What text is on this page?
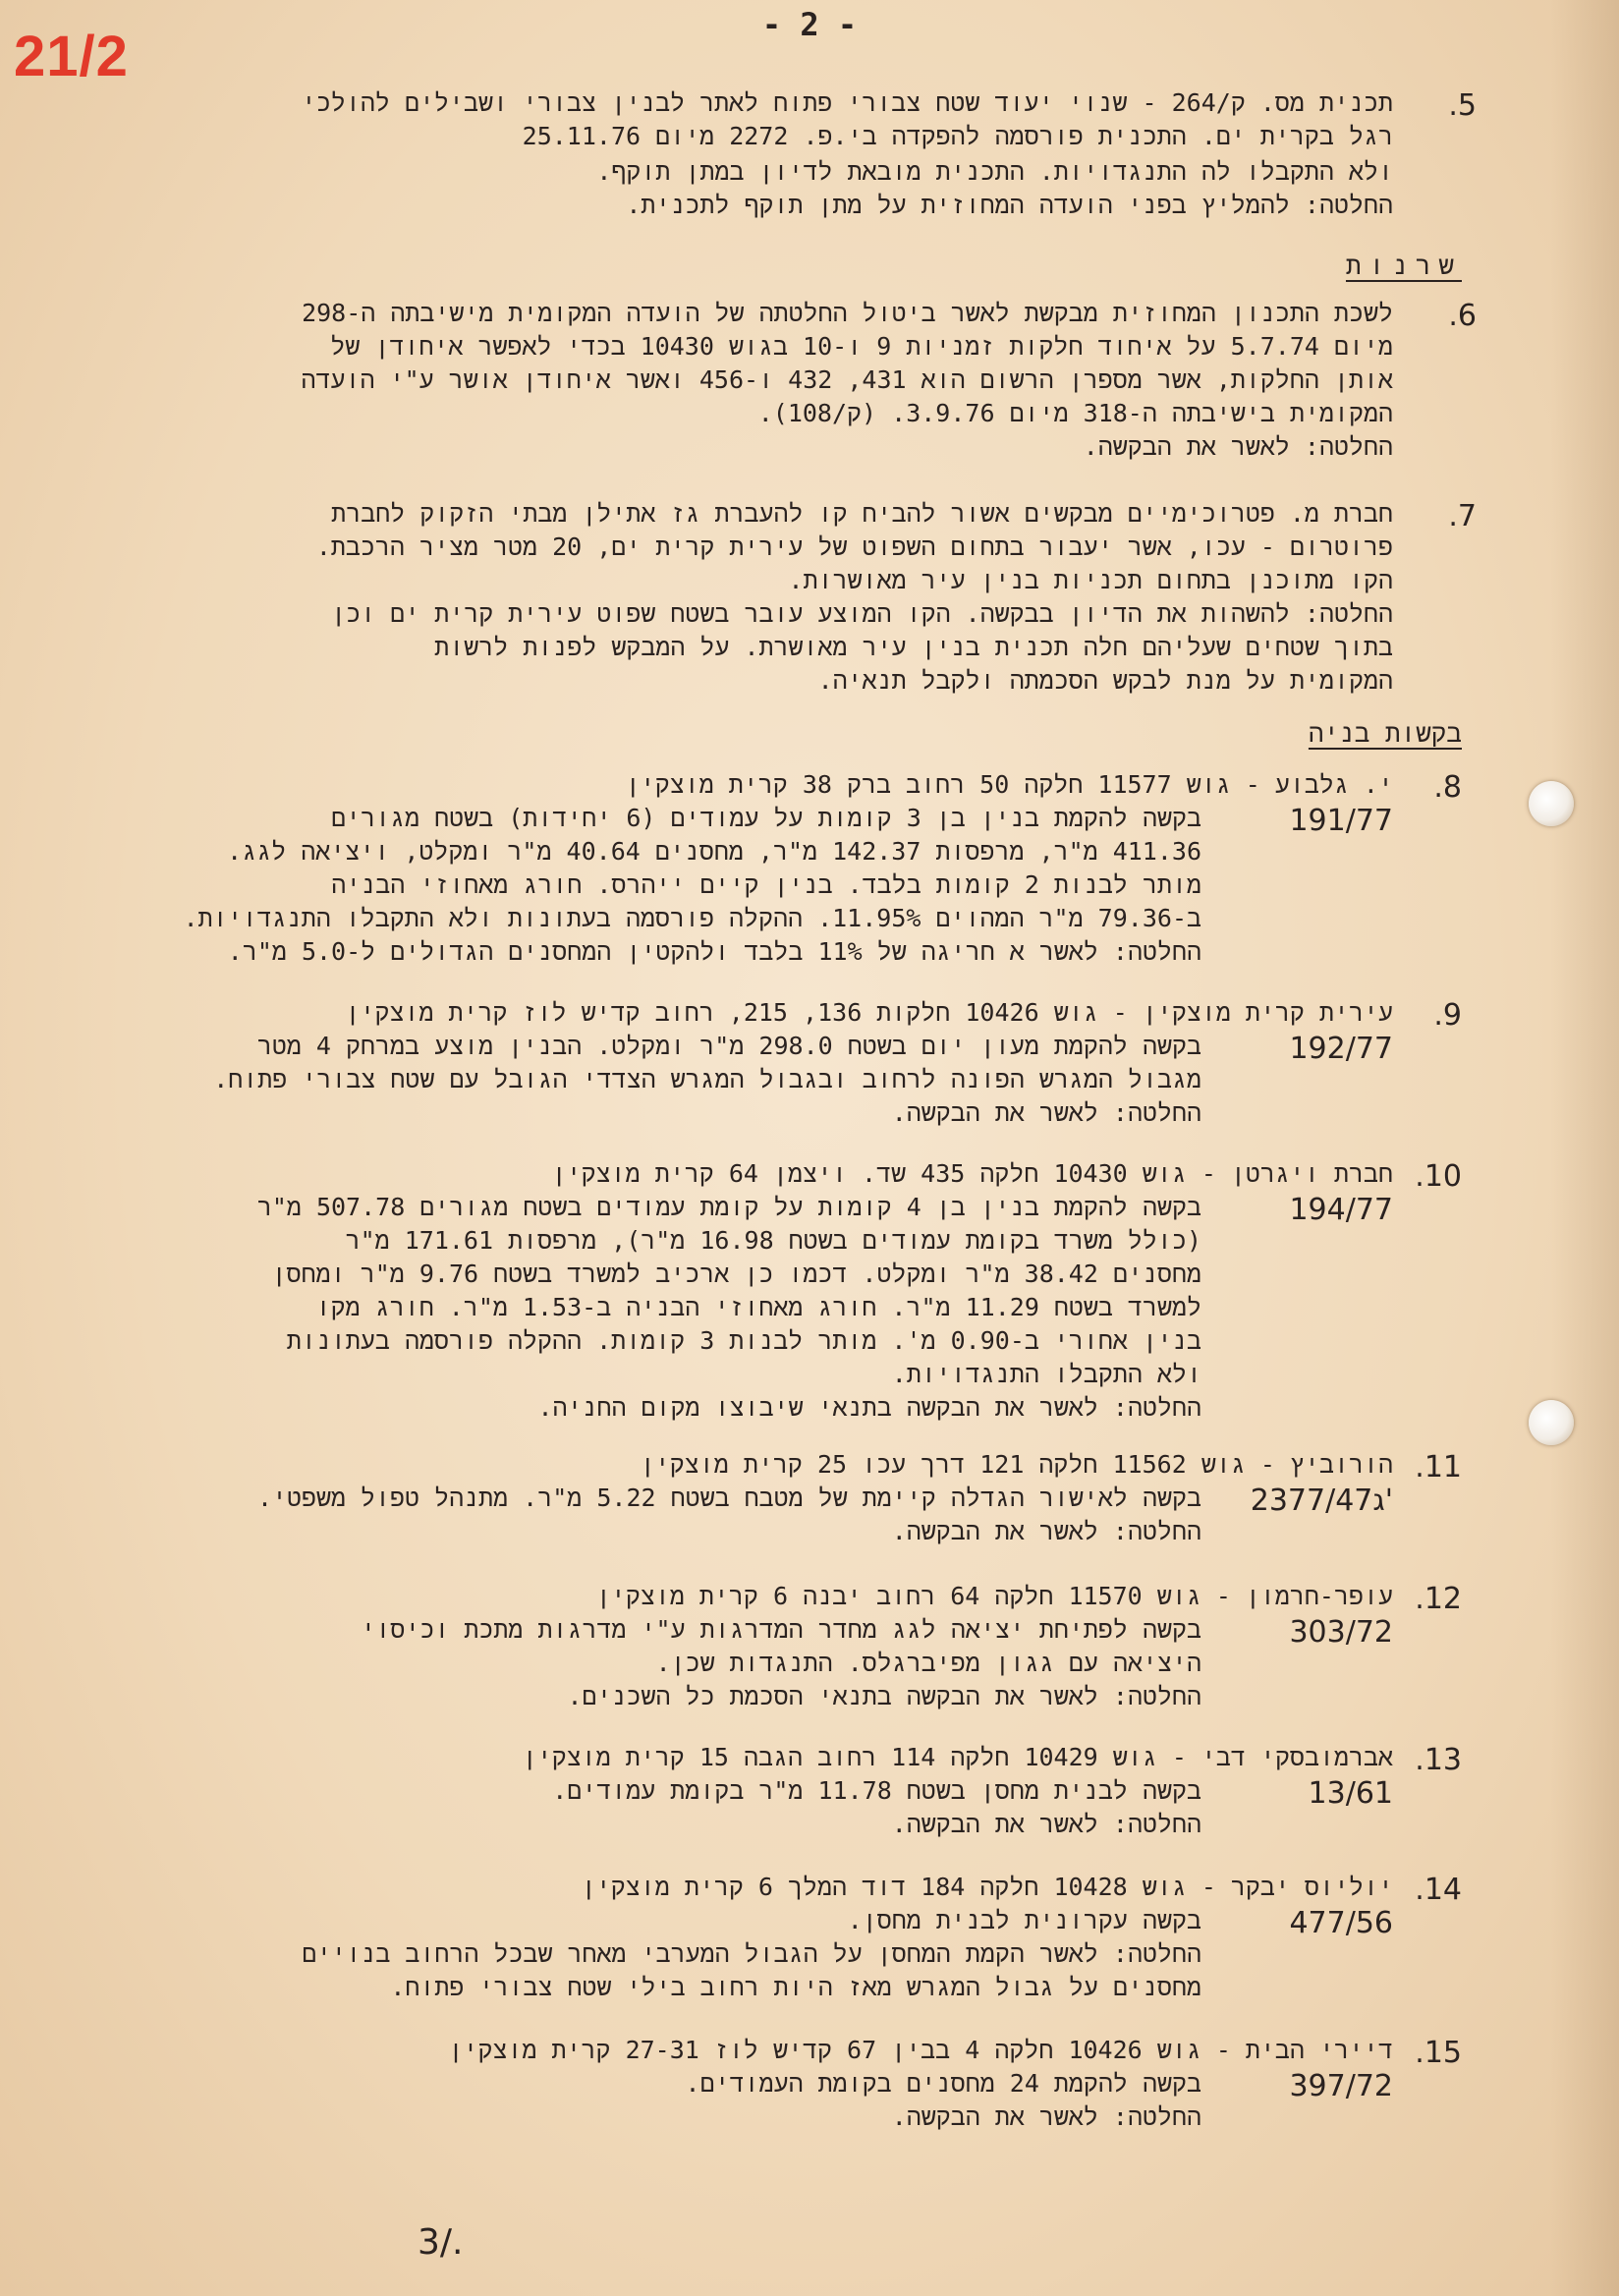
21/2	- 2 -
.5
תכנית מס. ק/264 - שנוי יעוד שטח צבורי פתוח לאתר לבנין צבורי ושבילים להולכי
רגל בקרית ים. התכנית פורסמה להפקדה בי.פ. 2272 מיום 25.11.76
ולא התקבלו לה התנגדויות. התכנית מובאת לדיון במתן תוקף.
החלטה: להמליץ בפני הועדה המחוזית על מתן תוקף לתכנית.
שרנות
.6
לשכת התכנון המחוזית מבקשת לאשר ביטול החלטתה של הועדה המקומית מישיבתה ה-298
מיום 5.7.74 על איחוד חלקות זמניות 9 ו-10 בגוש 10430 בכדי לאפשר איחודן של
אותן החלקות, אשר מספרן הרשום הוא 431, 432 ו-456 ואשר איחודן אושר ע"י הועדה
המקומית בישיבתה ה-318 מיום 3.9.76. (ק/108).
החלטה: לאשר את הבקשה.
.7
חברת מ. פטרוכימיים מבקשים אשור להביח קו להעברת גז אתילן מבתי הזקוק לחברת
פרוטרום - עכו, אשר יעבור בתחום השפוט של עירית קרית ים, 20 מטר מציר הרכבת.
הקו מתוכנן בתחום תכניות בנין עיר מאושרות.
החלטה: להשהות את הדיון בבקשה. הקו המוצע עובר בשטח שפוט עירית קרית ים וכן
בתוך שטחים שעליהם חלה תכנית בנין עיר מאושרת. על המבקש לפנות לרשות
המקומית על מנת לבקש הסכמתה ולקבל תנאיה.
בקשות בניה
.8
191/77
י. גלבוע - גוש 11577 חלקה 50 רחוב ברק 38 קרית מוצקין
בקשה להקמת בנין בן 3 קומות על עמודים (6 יחידות) בשטח מגורים
411.36 מ"ר, מרפסות 142.37 מ"ר, מחסנים 40.64 מ"ר ומקלט, ויציאה לגג.
מותר לבנות 2 קומות בלבד. בנין קיים ייהרס. חורג מאחוזי הבניה
ב-79.36 מ"ר המהוים 11.95%. ההקלה פורסמה בעתונות ולא התקבלו התנגדויות.
החלטה: לאשר א חריגה של 11% בלבד ולהקטין המחסנים הגדולים ל-5.0 מ"ר.
.9
192/77
עירית קרית מוצקין - גוש 10426 חלקות 136, 215, רחוב קדיש לוז קרית מוצקין
בקשה להקמת מעון יום בשטח 298.0 מ"ר ומקלט. הבנין מוצע במרחק 4 מטר
מגבול המגרש הפונה לרחוב ובגבול המגרש הצדדי הגובל עם שטח צבורי פתוח.
החלטה: לאשר את הבקשה.
.10
194/77
חברת ויגרטן - גוש 10430 חלקה 435 שד. ויצמן 64 קרית מוצקין
בקשה להקמת בנין בן 4 קומות על קומת עמודים בשטח מגורים 507.78 מ"ר
(כולל משרד בקומת עמודים בשטח 16.98 מ"ר), מרפסות 171.61 מ"ר
מחסנים 38.42 מ"ר ומקלט. דכמו כן ארכיב למשרד בשטח 9.76 מ"ר ומחסן
למשרד בשטח 11.29 מ"ר. חורג מאחוזי הבניה ב-1.53 מ"ר. חורג מקו
בנין אחורי ב-0.90 מ'. מותר לבנות 3 קומות. ההקלה פורסמה בעתונות
ולא התקבלו התנגדויות.
החלטה: לאשר את הבקשה בתנאי שיבוצו מקום החניה.
.11
2377/47ג'
הורוביץ - גוש 11562 חלקה 121 דרך עכו 25 קרית מוצקין
בקשה לאישור הגדלה קיימת של מטבח בשטח 5.22 מ"ר. מתנהל טפול משפטי.
החלטה: לאשר את הבקשה.
.12
303/72
עופר-חרמון - גוש 11570 חלקה 64 רחוב יבנה 6 קרית מוצקין
בקשה לפתיחת יציאה לגג מחדר המדרגות ע"י מדרגות מתכת וכיסוי
היציאה עם גגון מפיברגלס. התנגדות שכן.
החלטה: לאשר את הבקשה בתנאי הסכמת כל השכנים.
.13
13/61
אברמובסקי דבי - גוש 10429 חלקה 114 רחוב הגבה 15 קרית מוצקין
בקשה לבנית מחסן בשטח 11.78 מ"ר בקומת עמודים.
החלטה: לאשר את הבקשה.
.14
477/56
יוליוס יבקר - גוש 10428 חלקה 184 דוד המלך 6 קרית מוצקין
בקשה עקרונית לבנית מחסן.
החלטה: לאשר הקמת המחסן על הגבול המערבי מאחר שבכל הרחוב בנויים
מחסנים על גבול המגרש מאז היות רחוב בילי שטח צבורי פתוח.
.15
397/72
דיירי הבית - גוש 10426 חלקה 4 בבין 67 קדיש לוז 27-31 קרית מוצקין
בקשה להקמת 24 מחסנים בקומת העמודים.
החלטה: לאשר את הבקשה.
3/.
